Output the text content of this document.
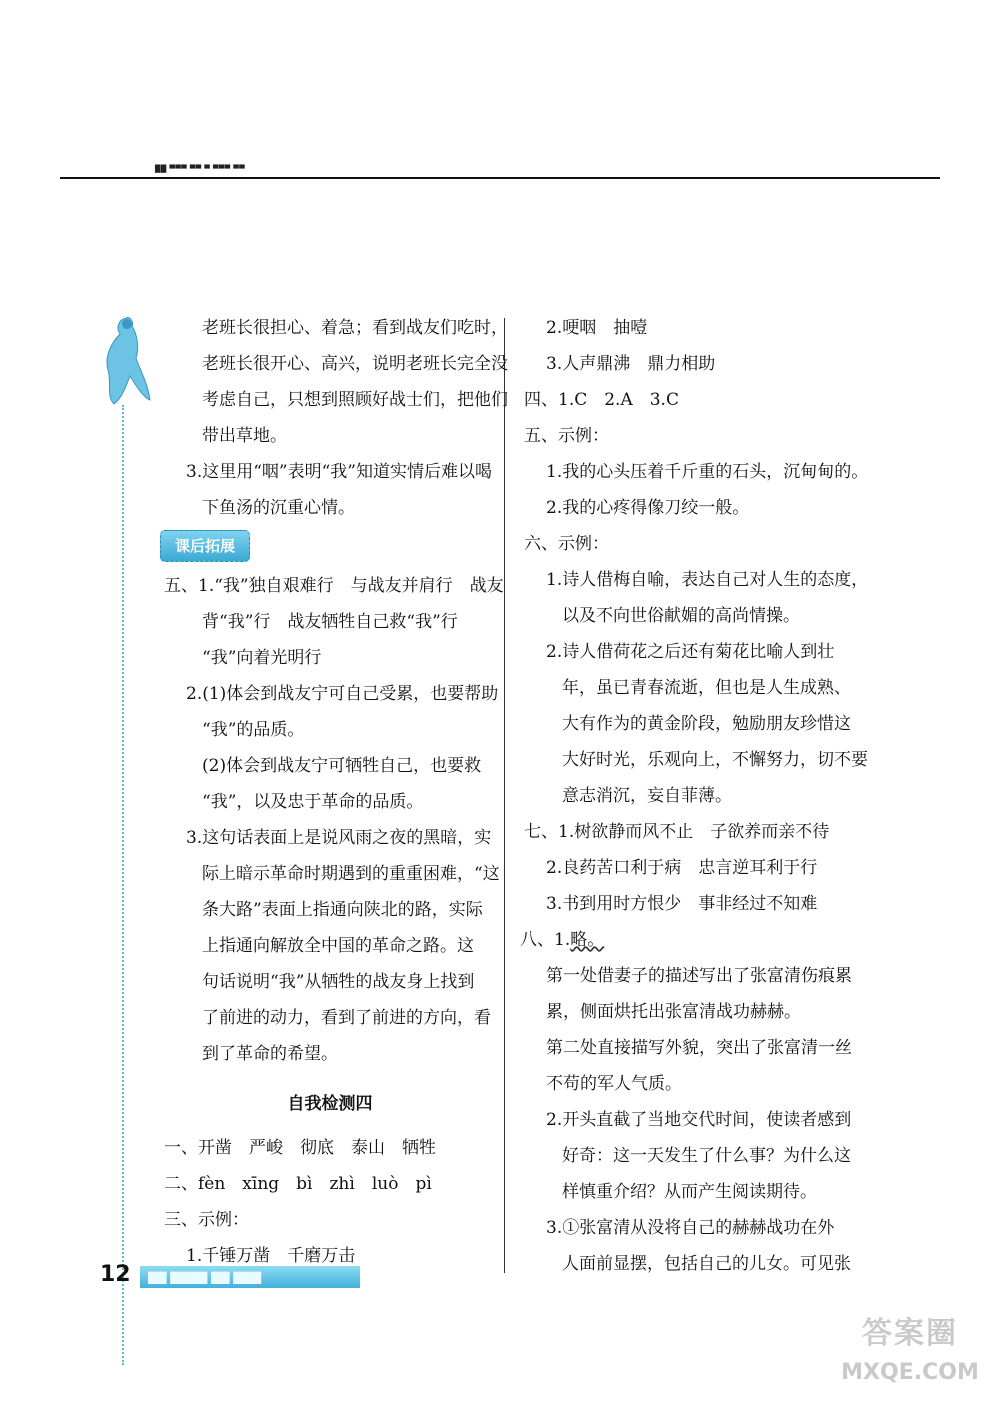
██ ▀▀▀ ▀▀ ▀ ▀▀▀ ▀▀

老班长很担心、着急；看到战友们吃时，

老班长很开心、高兴，说明老班长完全没

考虑自己，只想到照顾好战士们，把他们

带出草地。

3.这里用“咽”表明“我”知道实情后难以喝

下鱼汤的沉重心情。

课后拓展

五、1.“我”独自艰难行　与战友并肩行　战友

背“我”行　战友牺牲自己救“我”行

“我”向着光明行

2.(1)体会到战友宁可自己受累，也要帮助

“我”的品质。

(2)体会到战友宁可牺牲自己，也要救

“我”，以及忠于革命的品质。

3.这句话表面上是说风雨之夜的黑暗，实

际上暗示革命时期遇到的重重困难，“这

条大路”表面上指通向陕北的路，实际

上指通向解放全中国的革命之路。这

句话说明“我”从牺牲的战友身上找到

了前进的动力，看到了前进的方向，看

到了革命的希望。

自我检测四

一、开凿　严峻　彻底　泰山　牺牲

二、fèn　xīng　bì　zhì　luò　pì

三、示例：

1.千锤万凿　千磨万击

2.哽咽　抽噎

3.人声鼎沸　鼎力相助

四、1.C　2.A　3.C

五、示例：

1.我的心头压着千斤重的石头，沉甸甸的。

2.我的心疼得像刀绞一般。

六、示例：

1.诗人借梅自喻，表达自己对人生的态度，

以及不向世俗献媚的高尚情操。

2.诗人借荷花之后还有菊花比喻人到壮

年，虽已青春流逝，但也是人生成熟、

大有作为的黄金阶段，勉励朋友珍惜这

大好时光，乐观向上，不懈努力，切不要

意志消沉，妄自菲薄。

七、1.树欲静而风不止　子欲养而亲不待

2.良药苦口利于病　忠言逆耳利于行

3.书到用时方恨少　事非经过不知难

八、1.略。

第一处借妻子的描述写出了张富清伤痕累

累，侧面烘托出张富清战功赫赫。

第二处直接描写外貌，突出了张富清一丝

不苟的军人气质。

2.开头直截了当地交代时间，使读者感到

好奇：这一天发生了什么事？为什么这

样慎重介绍？从而产生阅读期待。

3.①张富清从没将自己的赫赫战功在外

人面前显摆，包括自己的儿女。可见张

12	▇▇ ▇▇▇▇ ▇▇ ▇▇▇
答案圈
MXQE.COM
